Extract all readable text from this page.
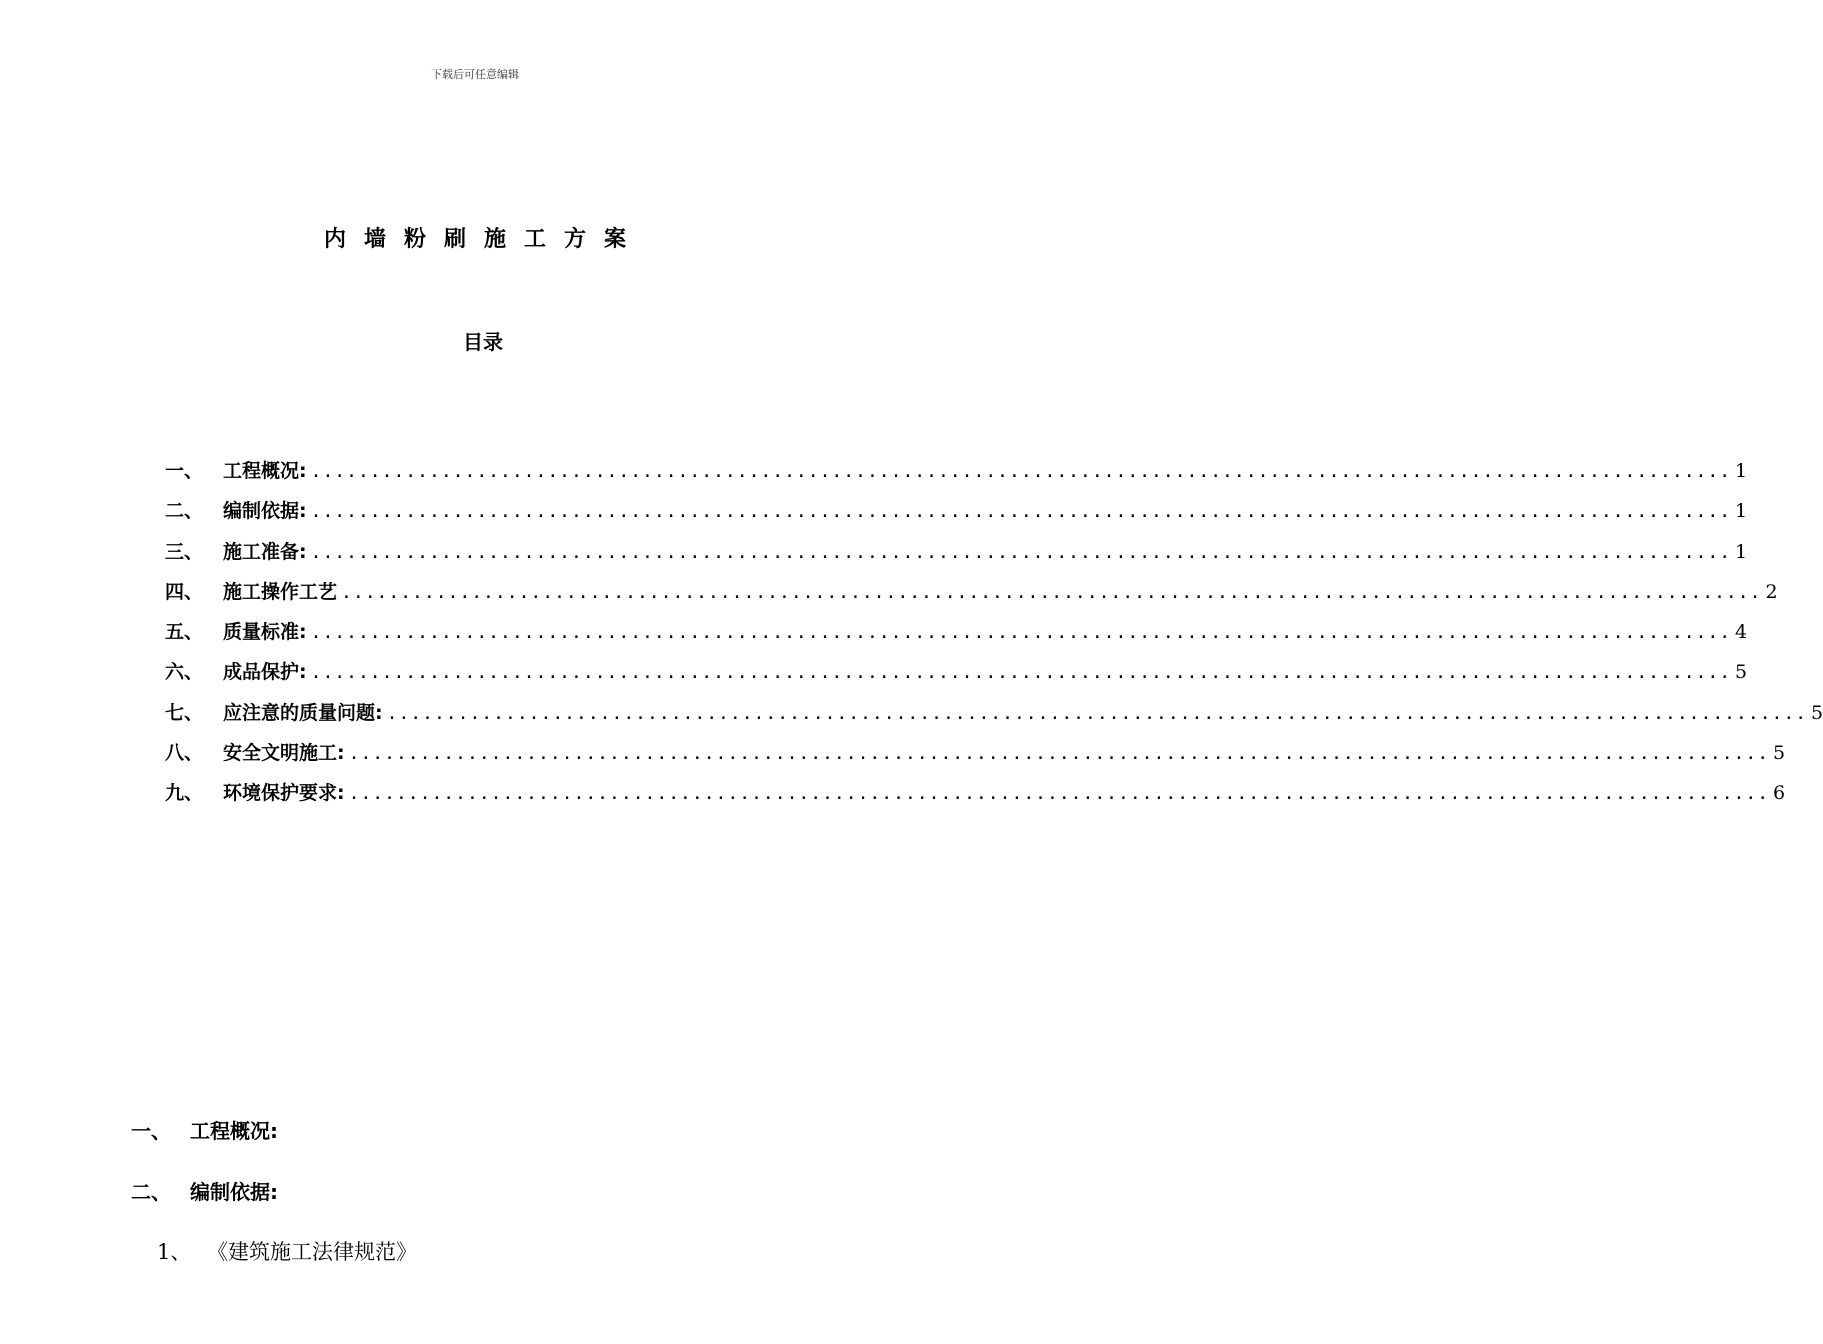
下载后可任意编辑
内墙粉刷施工方案
目录
一、	工程概况: ........................................................................................................................ 1
二、	编制依据: ........................................................................................................................ 1
三、	施工准备: ........................................................................................................................ 1
四、	施工操作工艺 ........................................................................................................................ 2
五、	质量标准: ........................................................................................................................ 4
六、	成品保护: ........................................................................................................................ 5
七、	应注意的质量问题: ........................................................................................................................ 5
八、	安全文明施工: ........................................................................................................................ 5
九、	环境保护要求: ........................................................................................................................ 6
一、 工程概况:
二、 编制依据:
1、 《建筑施工法律规范》
